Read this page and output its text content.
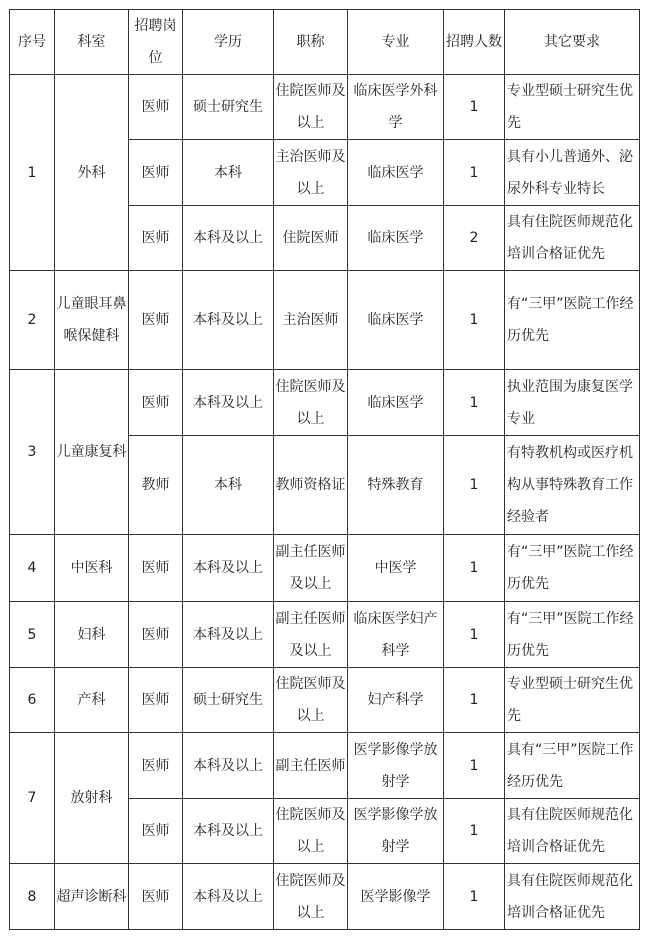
序号	科室	招聘岗位	学历	职称	专业	招聘人数	其它要求
1	外科	医师	硕士研究生	住院医师及以上	临床医学外科学	1	专业型硕士研究生优先
		医师	本科	主治医师及以上	临床医学	1	具有小儿普通外、泌尿外科专业特长
		医师	本科及以上	住院医师	临床医学	2	具有住院医师规范化培训合格证优先
2	儿童眼耳鼻喉保健科	医师	本科及以上	主治医师	临床医学	1	有“三甲”医院工作经历优先
3	儿童康复科	医师	本科及以上	住院医师及以上	临床医学	1	执业范围为康复医学专业
		教师	本科	教师资格证	特殊教育	1	有特教机构或医疗机构从事特殊教育工作经验者
4	中医科	医师	本科及以上	副主任医师及以上	中医学	1	有“三甲”医院工作经历优先
5	妇科	医师	本科及以上	副主任医师及以上	临床医学妇产科学	1	有“三甲”医院工作经历优先
6	产科	医师	硕士研究生	住院医师及以上	妇产科学	1	专业型硕士研究生优先
7	放射科	医师	本科及以上	副主任医师	医学影像学放射学	1	具有“三甲”医院工作经历优先
		医师	本科及以上	住院医师及以上	医学影像学放射学	1	具有住院医师规范化培训合格证优先
8	超声诊断科	医师	本科及以上	住院医师及以上	医学影像学	1	具有住院医师规范化培训合格证优先
